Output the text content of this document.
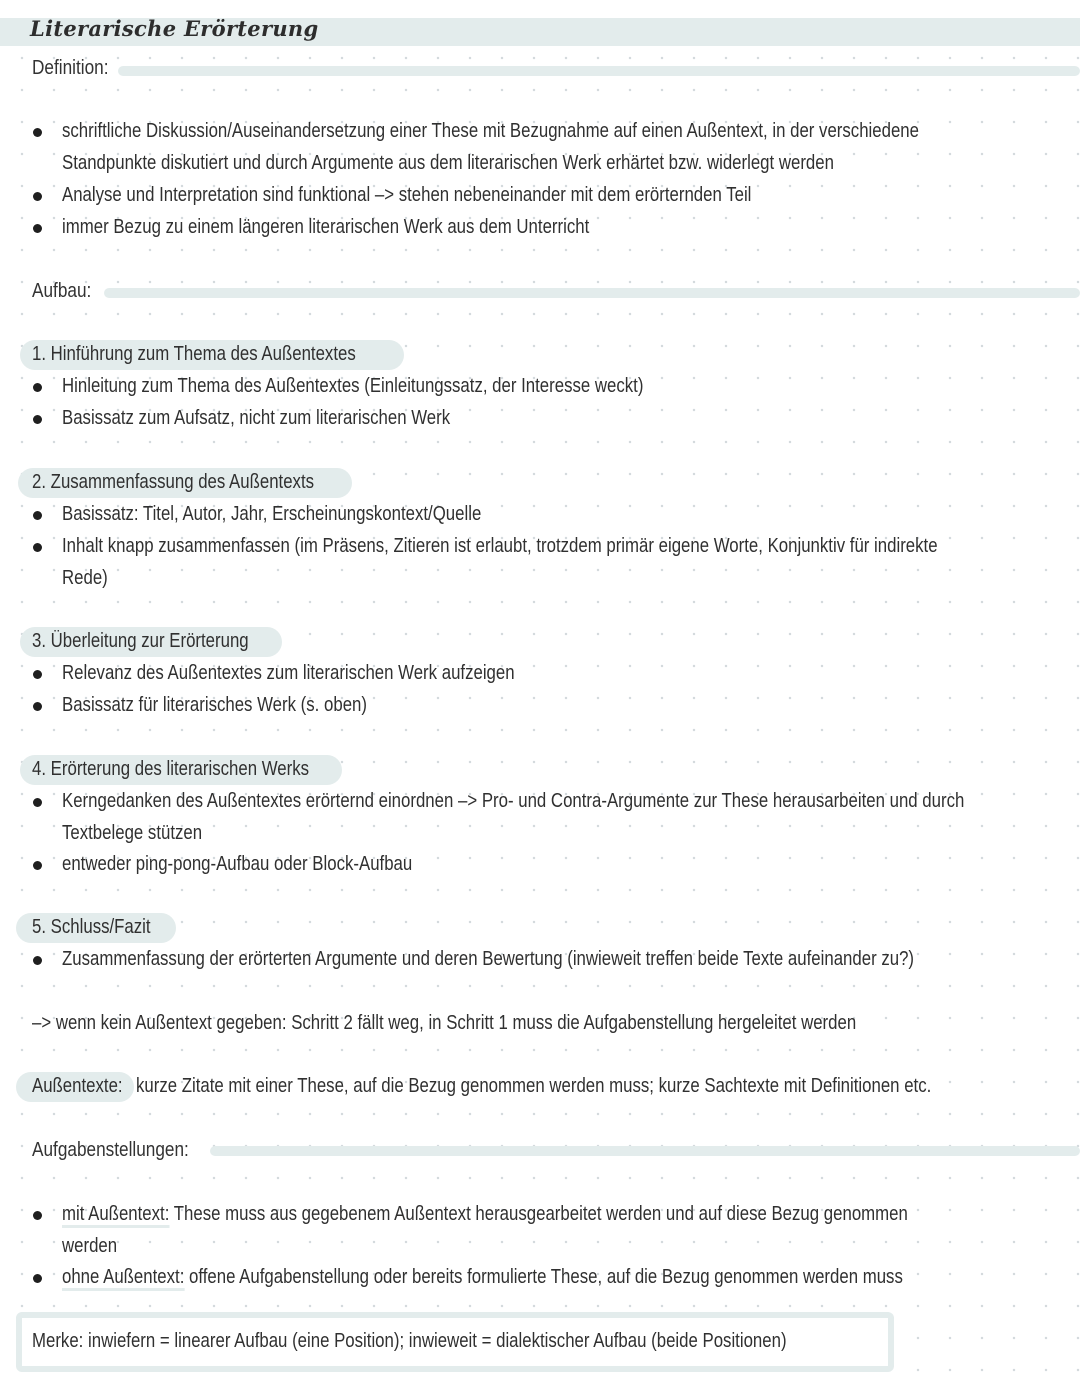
Literarische Erörterung
Definition:
schriftliche Diskussion/Auseinandersetzung einer These mit Bezugnahme auf einen Außentext, in der verschiedene
Standpunkte diskutiert und durch Argumente aus dem literarischen Werk erhärtet bzw. widerlegt werden
Analyse und Interpretation sind funktional –> stehen nebeneinander mit dem erörternden Teil
immer Bezug zu einem längeren literarischen Werk aus dem Unterricht
Aufbau:
1. Hinführung zum Thema des Außentextes
Hinleitung zum Thema des Außentextes (Einleitungssatz, der Interesse weckt)
Basissatz zum Aufsatz, nicht zum literarischen Werk
2. Zusammenfassung des Außentexts
Basissatz: Titel, Autor, Jahr, Erscheinungskontext/Quelle
Inhalt knapp zusammenfassen (im Präsens, Zitieren ist erlaubt, trotzdem primär eigene Worte, Konjunktiv für indirekte
Rede)
3. Überleitung zur Erörterung
Relevanz des Außentextes zum literarischen Werk aufzeigen
Basissatz für literarisches Werk (s. oben)
4. Erörterung des literarischen Werks
Kerngedanken des Außentextes erörternd einordnen –> Pro- und Contra-Argumente zur These herausarbeiten und durch
Textbelege stützen
entweder ping-pong-Aufbau oder Block-Aufbau
5. Schluss/Fazit
Zusammenfassung der erörterten Argumente und deren Bewertung (inwieweit treffen beide Texte aufeinander zu?)
–> wenn kein Außentext gegeben: Schritt 2 fällt weg, in Schritt 1 muss die Aufgabenstellung hergeleitet werden
Außentexte: kurze Zitate mit einer These, auf die Bezug genommen werden muss; kurze Sachtexte mit Definitionen etc.
Aufgabenstellungen:
mit Außentext: These muss aus gegebenem Außentext herausgearbeitet werden und auf diese Bezug genommen
werden
ohne Außentext: offene Aufgabenstellung oder bereits formulierte These, auf die Bezug genommen werden muss
Merke: inwiefern = linearer Aufbau (eine Position); inwieweit = dialektischer Aufbau (beide Positionen)
